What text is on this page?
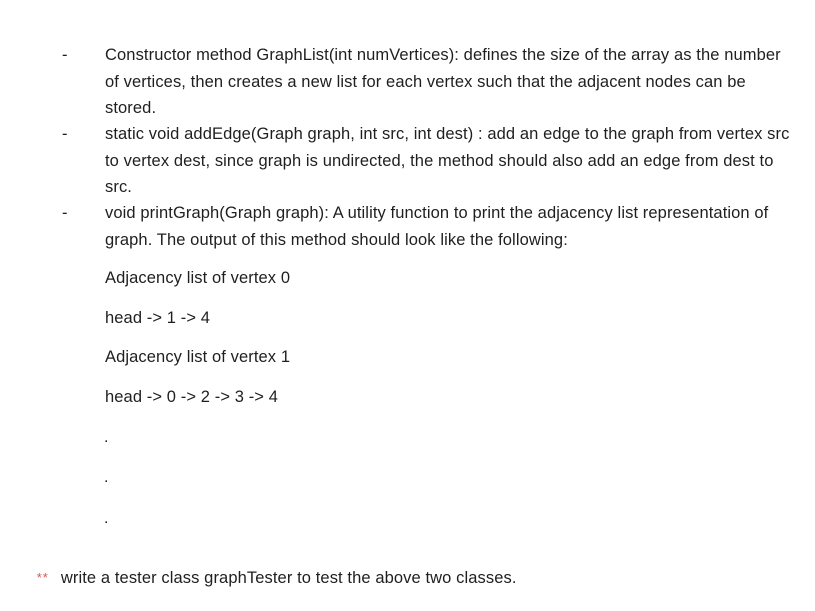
- Constructor method GraphList(int numVertices): defines the size of the array as the number of vertices, then creates a new list for each vertex such that the adjacent nodes can be stored.
- static void addEdge(Graph graph, int src, int dest) : add an edge to the graph from vertex src to vertex dest, since graph is undirected, the method should also add an edge from dest to src.
- void printGraph(Graph graph): A utility function to print the adjacency list representation of graph. The output of this method should look like the following:
Adjacency list of vertex 0
head -> 1 -> 4
Adjacency list of vertex 1
head -> 0 -> 2 -> 3 -> 4
.
.
.

** write a tester class graphTester to test the above two classes.
